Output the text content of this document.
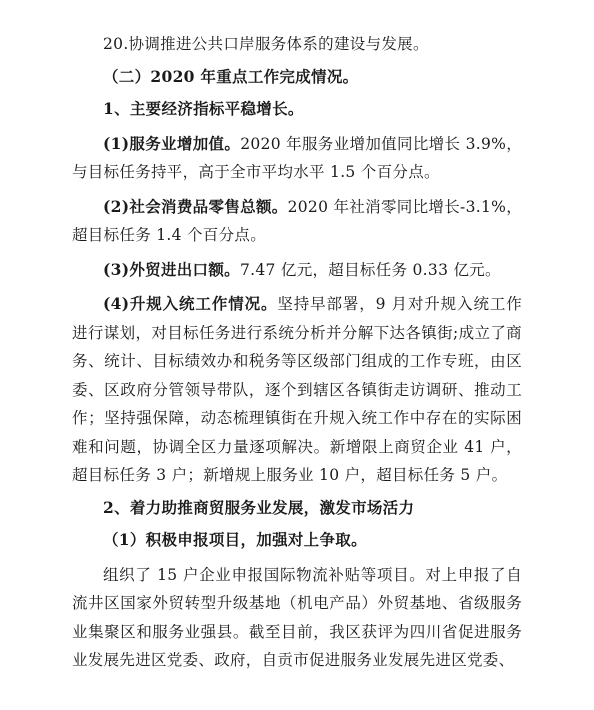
20.协调推进公共口岸服务体系的建设与发展。

（二）2020 年重点工作完成情况。

1、主要经济指标平稳增长。

(1)服务业增加值。2020 年服务业增加值同比增长 3.9%，与目标任务持平，高于全市平均水平 1.5 个百分点。

(2)社会消费品零售总额。2020 年社消零同比增长-3.1%，超目标任务 1.4 个百分点。

(3)外贸进出口额。7.47 亿元，超目标任务 0.33 亿元。

(4)升规入统工作情况。坚持早部署，9 月对升规入统工作进行谋划，对目标任务进行系统分析并分解下达各镇街;成立了商务、统计、目标绩效办和税务等区级部门组成的工作专班，由区委、区政府分管领导带队，逐个到辖区各镇街走访调研、推动工作；坚持强保障，动态梳理镇街在升规入统工作中存在的实际困难和问题，协调全区力量逐项解决。新增限上商贸企业 41 户，超目标任务 3 户；新增规上服务业 10 户，超目标任务 5 户。

2、着力助推商贸服务业发展，激发市场活力

（1）积极申报项目，加强对上争取。

组织了 15 户企业申报国际物流补贴等项目。对上申报了自流井区国家外贸转型升级基地（机电产品）外贸基地、省级服务业集聚区和服务业强县。截至目前，我区获评为四川省促进服务业发展先进区党委、政府，自贡市促进服务业发展先进区党委、
